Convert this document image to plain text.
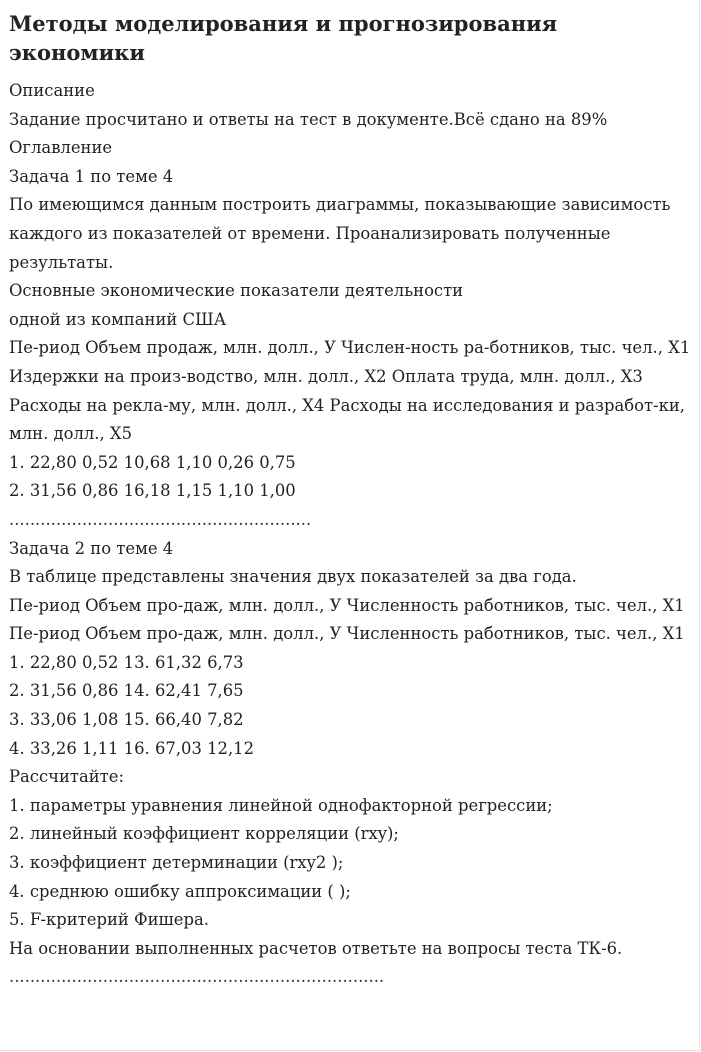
Методы моделирования и прогнозирования экономики
Описание
Задание просчитано и ответы на тест в документе.Всё сдано на 89%
Оглавление
Задача 1 по теме 4
По имеющимся данным построить диаграммы, показывающие зависимость каждого из показателей от времени. Проанализировать полученные результаты.
Основные экономические показатели деятельности
одной из компаний США
Пе-риод Объем продаж, млн. долл., У Числен-ность ра-ботников, тыс. чел., X1 Издержки на произ-водство, млн. долл., X2 Оплата труда, млн. долл., X3 Расходы на рекла-му, млн. долл., X4 Расходы на исследования и разработ-ки, млн. долл., X5
1. 22,80 0,52 10,68 1,10 0,26 0,75
2. 31,56 0,86 16,18 1,15 1,10 1,00
..........................................................
Задача 2 по теме 4
В таблице представлены значения двух показателей за два года.
Пе-риод Объем про-даж, млн. долл., У Численность работников, тыс. чел., X1 Пе-риод Объем про-даж, млн. долл., У Численность работников, тыс. чел., X1
1. 22,80 0,52 13. 61,32 6,73
2. 31,56 0,86 14. 62,41 7,65
3. 33,06 1,08 15. 66,40 7,82
4. 33,26 1,11 16. 67,03 12,12
Рассчитайте:
1. параметры уравнения линейной однофакторной регрессии;
2. линейный коэффициент корреляции (rxy);
3. коэффициент детерминации (rxy2 );
4. среднюю ошибку аппроксимации ( );
5. F-критерий Фишера.
На основании выполненных расчетов ответьте на вопросы теста ТК-6.
........................................................................
